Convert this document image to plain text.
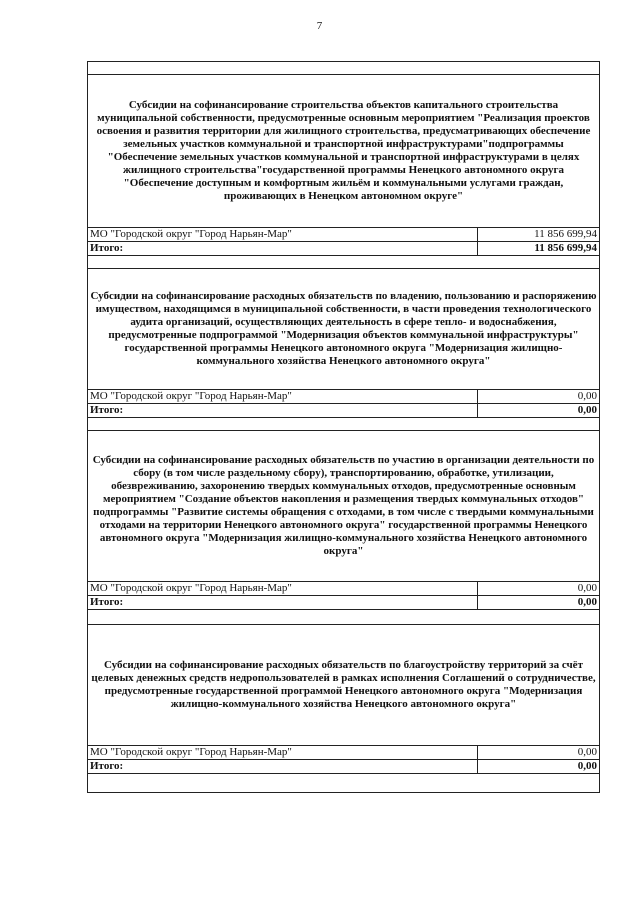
7

Субсидии на софинансирование строительства объектов капитального строительства муниципальной собственности, предусмотренные основным мероприятием "Реализация проектов освоения и развития территории для жилищного строительства, предусматривающих обеспечение земельных участков коммунальной и транспортной инфраструктурами"подпрограммы "Обеспечение земельных участков коммунальной и транспортной инфраструктурами в целях жилищного строительства"государственной программы Ненецкого автономного округа "Обеспечение доступным и комфортным жильём и коммунальными услугами граждан, проживающих в Ненецком автономном округе"	
МО "Городской округ "Город Нарьян-Мар"	11 856 699,94
Итого:	11 856 699,94

Субсидии на софинансирование расходных обязательств по владению, пользованию и распоряжению имуществом, находящимся в муниципальной собственности, в части проведения технологического аудита организаций, осуществляющих деятельность в сфере тепло- и водоснабжения, предусмотренные подпрограммой "Модернизация объектов коммунальной инфраструктуры" государственной программы Ненецкого автономного округа "Модернизация жилищно-коммунального хозяйства Ненецкого автономного округа"	
МО "Городской округ "Город Нарьян-Мар"	0,00
Итого:	0,00

Субсидии на софинансирование расходных обязательств по участию в организации деятельности по сбору (в том числе раздельному сбору), транспортированию, обработке, утилизации, обезвреживанию, захоронению твердых коммунальных отходов, предусмотренные основным мероприятием "Создание объектов накопления и размещения твердых коммунальных отходов" подпрограммы "Развитие системы обращения с отходами, в том числе с твердыми коммунальными отходами на территории Ненецкого автономного округа" государственной программы Ненецкого автономного округа "Модернизация жилищно-коммунального хозяйства Ненецкого автономного округа"	
МО "Городской округ "Город Нарьян-Мар"	0,00
Итого:	0,00

Субсидии на софинансирование расходных обязательств по благоустройству территорий за счёт целевых денежных средств недропользователей в рамках исполнения Соглашений о сотрудничестве, предусмотренные государственной программой Ненецкого автономного округа "Модернизация жилищно-коммунального хозяйства Ненецкого автономного округа"	
МО "Городской округ "Город Нарьян-Мар"	0,00
Итого:	0,00
